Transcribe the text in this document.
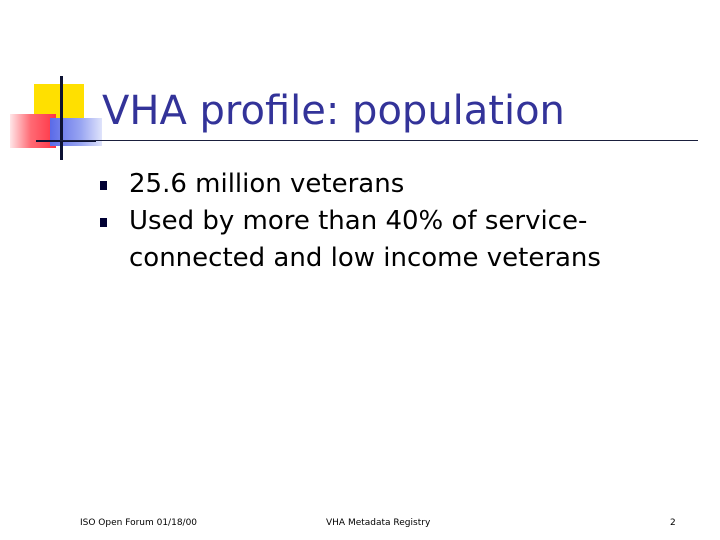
VHA profile: population
25.6 million veterans
Used by more than 40% of service-connected and low income veterans
ISO Open Forum 01/18/00	VHA Metadata Registry	2
